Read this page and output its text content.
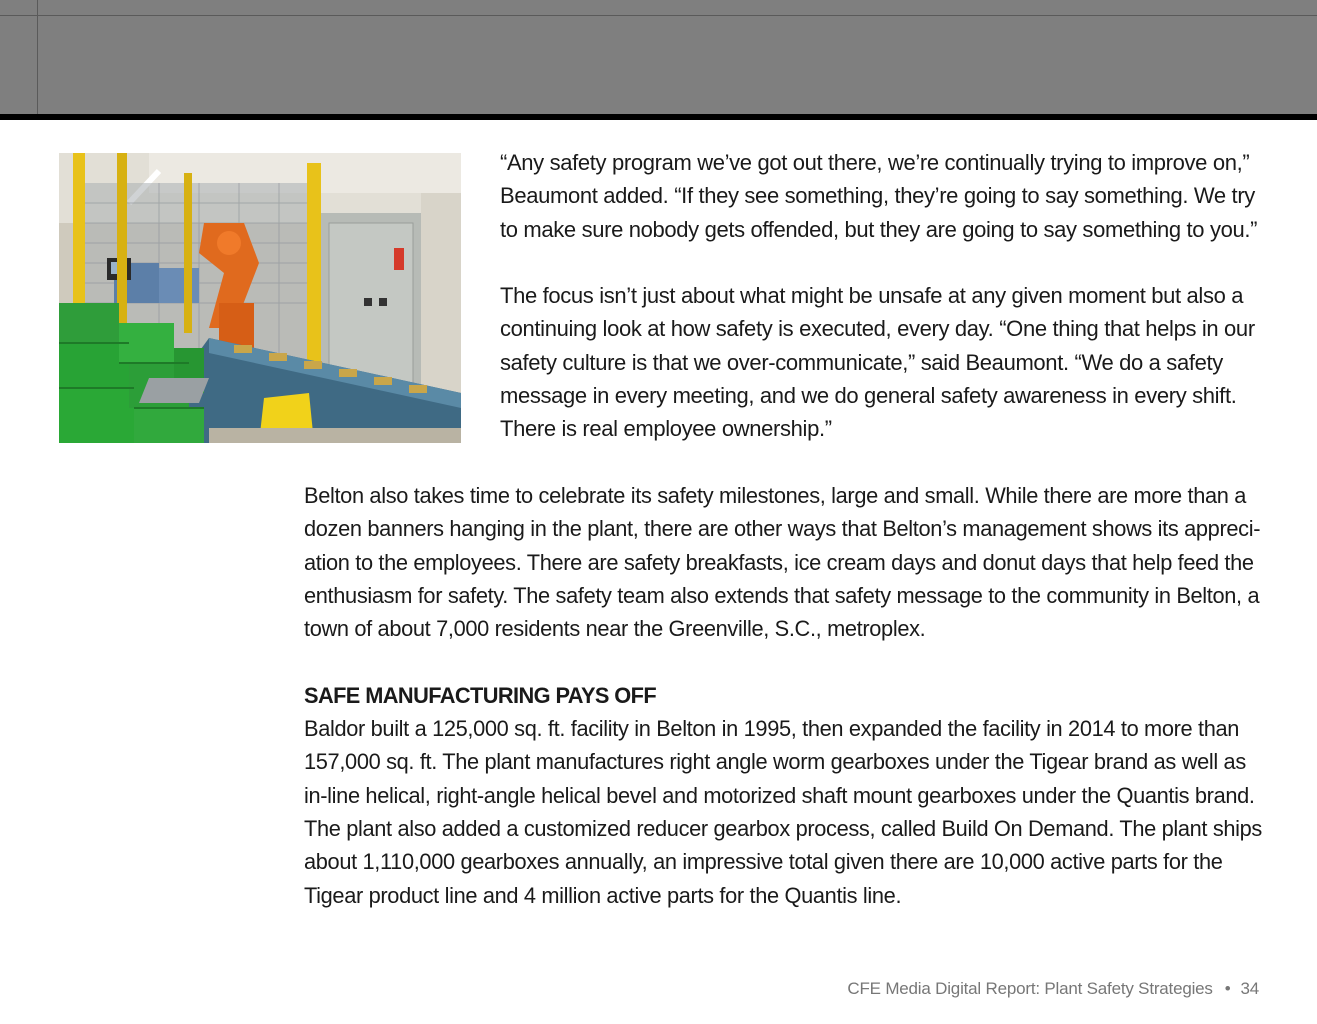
“Any safety program we’ve got out there, we’re continually trying to improve on,”

Beaumont added. “If they see something, they’re going to say something. We try

to make sure nobody gets offended, but they are going to say something to you.”

The focus isn’t just about what might be unsafe at any given moment but also a

continuing look at how safety is executed, every day. “One thing that helps in our

safety culture is that we over-communicate,” said Beaumont. “We do a safety

message in every meeting, and we do general safety awareness in every shift.

There is real employee ownership.”

Belton also takes time to celebrate its safety milestones, large and small. While there are more than a

dozen banners hanging in the plant, there are other ways that Belton’s management shows its appreci-

ation to the employees. There are safety breakfasts, ice cream days and donut days that help feed the

enthusiasm for safety. The safety team also extends that safety message to the community in Belton, a

town of about 7,000 residents near the Greenville, S.C., metroplex.

SAFE MANUFACTURING PAYS OFF

Baldor built a 125,000 sq. ft. facility in Belton in 1995, then expanded the facility in 2014 to more than

157,000 sq. ft. The plant manufactures right angle worm gearboxes under the Tigear brand as well as

in-line helical, right-angle helical bevel and motorized shaft mount gearboxes under the Quantis brand.

The plant also added a customized reducer gearbox process, called Build On Demand. The plant ships

about 1,110,000 gearboxes annually, an impressive total given there are 10,000 active parts for the

Tigear product line and 4 million active parts for the Quantis line.

CFE Media Digital Report: Plant Safety Strategies • 34
